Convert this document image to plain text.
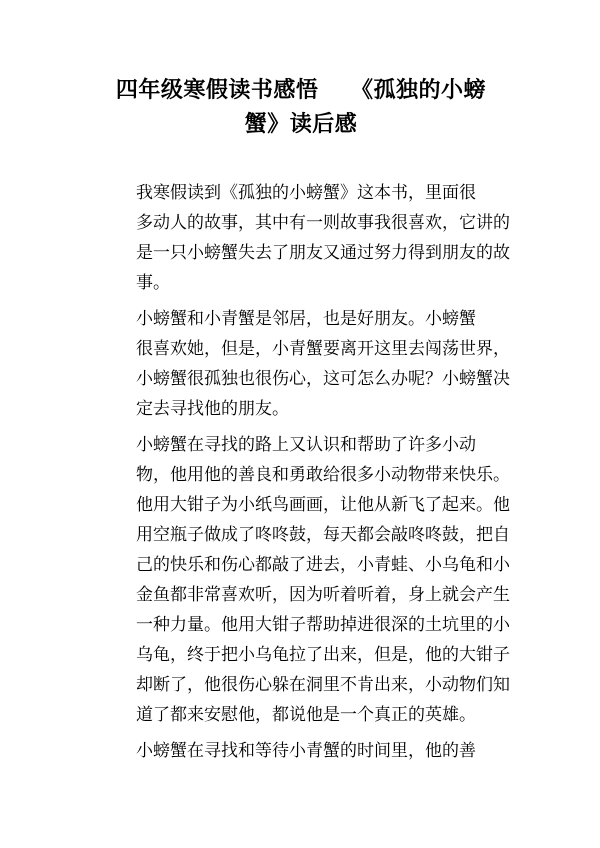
四年级寒假读书感悟    《孤独的小螃
蟹》读后感

我寒假读到《孤独的小螃蟹》这本书，里面很
多动人的故事，其中有一则故事我很喜欢，它讲的
是一只小螃蟹失去了朋友又通过努力得到朋友的故
事。

小螃蟹和小青蟹是邻居，也是好朋友。小螃蟹
很喜欢她，但是，小青蟹要离开这里去闯荡世界，
小螃蟹很孤独也很伤心，这可怎么办呢？小螃蟹决
定去寻找他的朋友。

小螃蟹在寻找的路上又认识和帮助了许多小动
物，他用他的善良和勇敢给很多小动物带来快乐。
他用大钳子为小纸鸟画画，让他从新飞了起来。他
用空瓶子做成了咚咚鼓，每天都会敲咚咚鼓，把自
己的快乐和伤心都敲了进去，小青蛙、小乌龟和小
金鱼都非常喜欢听，因为听着听着，身上就会产生
一种力量。他用大钳子帮助掉进很深的土坑里的小
乌龟，终于把小乌龟拉了出来，但是，他的大钳子
却断了，他很伤心躲在洞里不肯出来，小动物们知
道了都来安慰他，都说他是一个真正的英雄。

小螃蟹在寻找和等待小青蟹的时间里，他的善
